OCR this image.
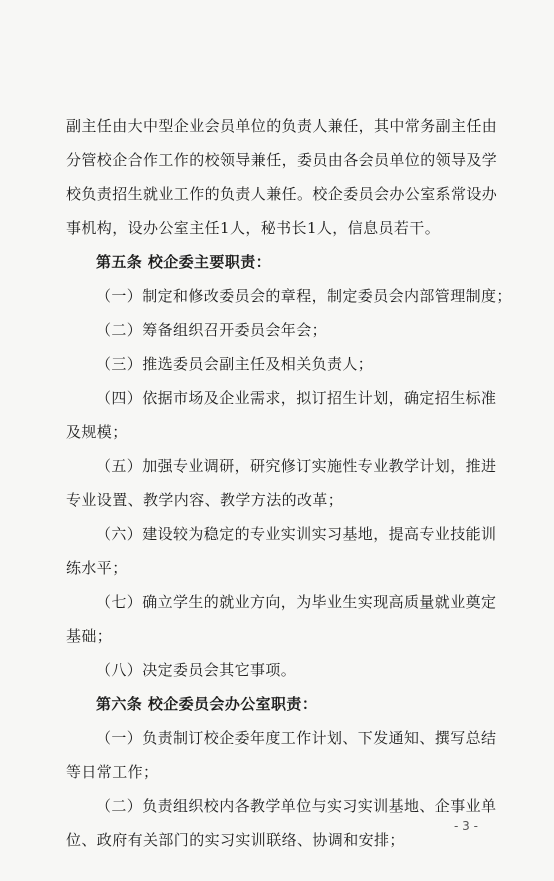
副主任由大中型企业会员单位的负责人兼任，其中常务副主任由
分管校企合作工作的校领导兼任，委员由各会员单位的领导及学
校负责招生就业工作的负责人兼任。校企委员会办公室系常设办
事机构，设办公室主任1人，秘书长1人，信息员若干。
第五条 校企委主要职责：
（一）制定和修改委员会的章程，制定委员会内部管理制度；
（二）筹备组织召开委员会年会；
（三）推选委员会副主任及相关负责人；
（四）依据市场及企业需求，拟订招生计划，确定招生标准
及规模；
（五）加强专业调研，研究修订实施性专业教学计划，推进
专业设置、教学内容、教学方法的改革；
（六）建设较为稳定的专业实训实习基地，提高专业技能训
练水平；
（七）确立学生的就业方向，为毕业生实现高质量就业奠定
基础；
（八）决定委员会其它事项。
第六条 校企委员会办公室职责：
（一）负责制订校企委年度工作计划、下发通知、撰写总结
等日常工作；
（二）负责组织校内各教学单位与实习实训基地、企事业单
位、政府有关部门的实习实训联络、协调和安排；
- 3 -
